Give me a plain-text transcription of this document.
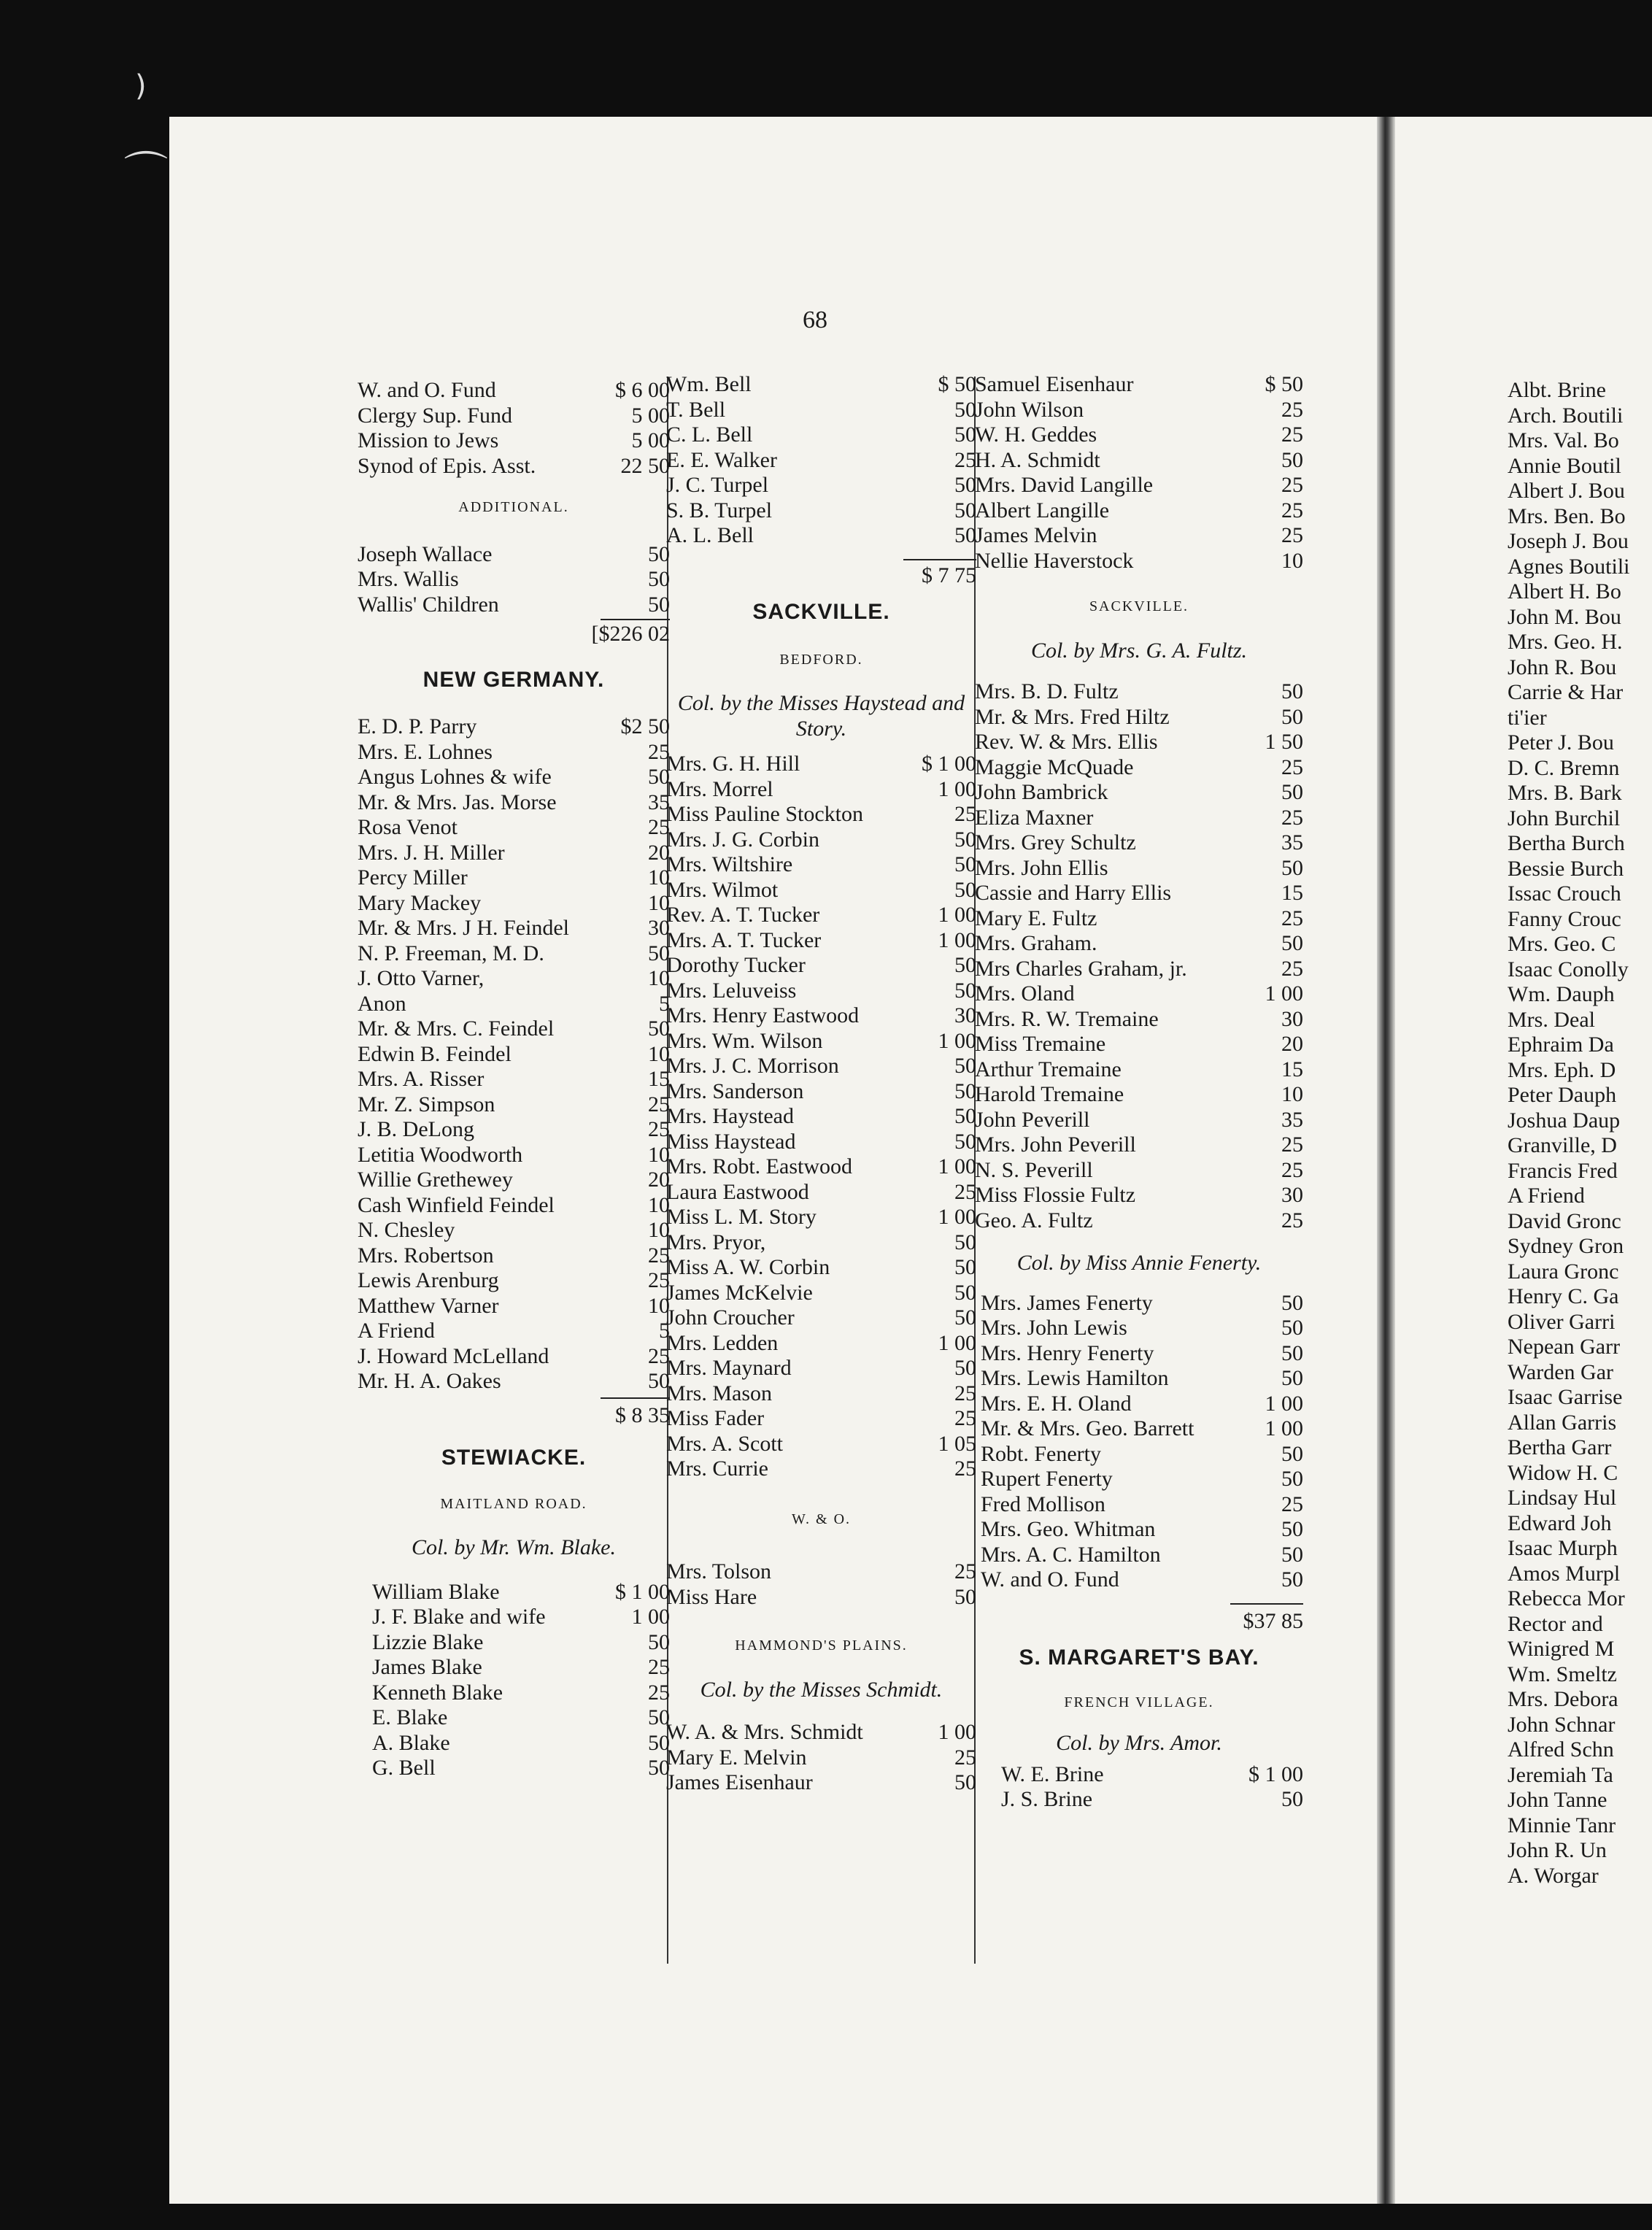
)
⌒
68
W. and O. Fund	$ 6 00
Clergy Sup. Fund	5 00
Mission to Jews	5 00
Synod of Epis. Asst.	22 50
ADDITIONAL.
Joseph Wallace	50
Mrs. Wallis	50
Wallis' Children	50
[$226 02
NEW GERMANY.
E. D. P. Parry	$2 50
Mrs. E. Lohnes	25
Angus Lohnes & wife	50
Mr. & Mrs. Jas. Morse	35
Rosa Venot	25
Mrs. J. H. Miller	20
Percy Miller	10
Mary Mackey	10
Mr. & Mrs. J H. Feindel	30
N. P. Freeman, M. D.	50
J. Otto Varner,	10
Anon	5
Mr. & Mrs. C. Feindel	50
Edwin B. Feindel	10
Mrs. A. Risser	15
Mr. Z. Simpson	25
J. B. DeLong	25
Letitia Woodworth	10
Willie Grethewey	20
Cash Winfield Feindel	10
N. Chesley	10
Mrs. Robertson	25
Lewis Arenburg	25
Matthew Varner	10
A Friend	5
J. Howard McLelland	25
Mr. H. A. Oakes	50
$ 8 35
STEWIACKE.
MAITLAND ROAD.
Col. by Mr. Wm. Blake.
William Blake	$ 1 00
J. F. Blake and wife	1 00
Lizzie Blake	50
James Blake	25
Kenneth Blake	25
E. Blake	50
A. Blake	50
G. Bell	50
Wm. Bell	$ 50
T. Bell	50
C. L. Bell	50
E. E. Walker	25
J. C. Turpel	50
S. B. Turpel	50
A. L. Bell	50
$ 7 75
SACKVILLE.
BEDFORD.
Col. by the Misses Haystead and Story.
Mrs. G. H. Hill	$ 1 00
Mrs. Morrel	1 00
Miss Pauline Stockton	25
Mrs. J. G. Corbin	50
Mrs. Wiltshire	50
Mrs. Wilmot	50
Rev. A. T. Tucker	1 00
Mrs. A. T. Tucker	1 00
Dorothy Tucker	50
Mrs. Leluveiss	50
Mrs. Henry Eastwood	30
Mrs. Wm. Wilson	1 00
Mrs. J. C. Morrison	50
Mrs. Sanderson	50
Mrs. Haystead	50
Miss Haystead	50
Mrs. Robt. Eastwood	1 00
Laura Eastwood	25
Miss L. M. Story	1 00
Mrs. Pryor,	50
Miss A. W. Corbin	50
James McKelvie	50
John Croucher	50
Mrs. Ledden	1 00
Mrs. Maynard	50
Mrs. Mason	25
Miss Fader	25
Mrs. A. Scott	1 05
Mrs. Currie	25
W. & O.
Mrs. Tolson	25
Miss Hare	50
HAMMOND'S PLAINS.
Col. by the Misses Schmidt.
W. A. & Mrs. Schmidt	1 00
Mary E. Melvin	25
James Eisenhaur	50
Samuel Eisenhaur	$ 50
John Wilson	25
W. H. Geddes	25
H. A. Schmidt	50
Mrs. David Langille	25
Albert Langille	25
James Melvin	25
Nellie Haverstock	10
SACKVILLE.
Col. by Mrs. G. A. Fultz.
Mrs. B. D. Fultz	50
Mr. & Mrs. Fred Hiltz	50
Rev. W. & Mrs. Ellis	1 50
Maggie McQuade	25
John Bambrick	50
Eliza Maxner	25
Mrs. Grey Schultz	35
Mrs. John Ellis	50
Cassie and Harry Ellis	15
Mary E. Fultz	25
Mrs. Graham.	50
Mrs Charles Graham, jr.	25
Mrs. Oland	1 00
Mrs. R. W. Tremaine	30
Miss Tremaine	20
Arthur Tremaine	15
Harold Tremaine	10
John Peverill	35
Mrs. John Peverill	25
N. S. Peverill	25
Miss Flossie Fultz	30
Geo. A. Fultz	25
Col. by Miss Annie Fenerty.
Mrs. James Fenerty	50
Mrs. John Lewis	50
Mrs. Henry Fenerty	50
Mrs. Lewis Hamilton	50
Mrs. E. H. Oland	1 00
Mr. & Mrs. Geo. Barrett	1 00
Robt. Fenerty	50
Rupert Fenerty	50
Fred Mollison	25
Mrs. Geo. Whitman	50
Mrs. A. C. Hamilton	50
W. and O. Fund	50
$37 85
S. MARGARET'S BAY.
FRENCH VILLAGE.
Col. by Mrs. Amor.
W. E. Brine	$ 1 00
J. S. Brine	50
Albt. Brine
Arch. Boutili
Mrs. Val. Bo
Annie Boutil
Albert J. Bou
Mrs. Ben. Bo
Joseph J. Bou
Agnes Boutili
Albert H. Bo
John M. Bou
Mrs. Geo. H.
John R. Bou
Carrie & Har
ti'ier
Peter J. Bou
D. C. Bremn
Mrs. B. Bark
John Burchil
Bertha Burch
Bessie Burch
Issac Crouch
Fanny Crouc
Mrs. Geo. C
Isaac Conolly
Wm. Dauph
Mrs. Deal
Ephraim Da
Mrs. Eph. D
Peter Dauph
Joshua Daup
Granville, D
Francis Fred
A Friend
David Gronc
Sydney Gron
Laura Gronc
Henry C. Ga
Oliver Garri
Nepean Garr
Warden Gar
Isaac Garrise
Allan Garris
Bertha Garr
Widow H. C
Lindsay Hul
Edward Joh
Isaac Murph
Amos Murpl
Rebecca Mor
Rector and
Winigred M
Wm. Smeltz
Mrs. Debora
John Schnar
Alfred Schn
Jeremiah Ta
John Tanne
Minnie Tanr
John R. Un
A. Worgar
